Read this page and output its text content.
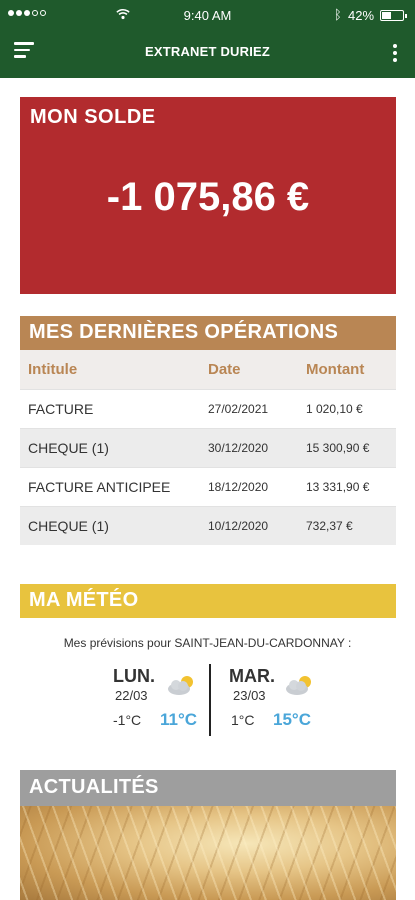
9:40 AM	ᛒ 42%
EXTRANET DURIEZ
MON SOLDE
-1 075,86 €
MES DERNIÈRES OPÉRATIONS
Intitule	Date	Montant
FACTURE	27/02/2021	1 020,10 €
CHEQUE (1)	30/12/2020	15 300,90 €
FACTURE ANTICIPEE	18/12/2020	13 331,90 €
CHEQUE (1)	10/12/2020	732,37 €
MA MÉTÉO
Mes prévisions pour SAINT-JEAN-DU-CARDONNAY :
LUN.
22/03
-1°C 11°C
MAR.
23/03
1°C 15°C
ACTUALITÉS
